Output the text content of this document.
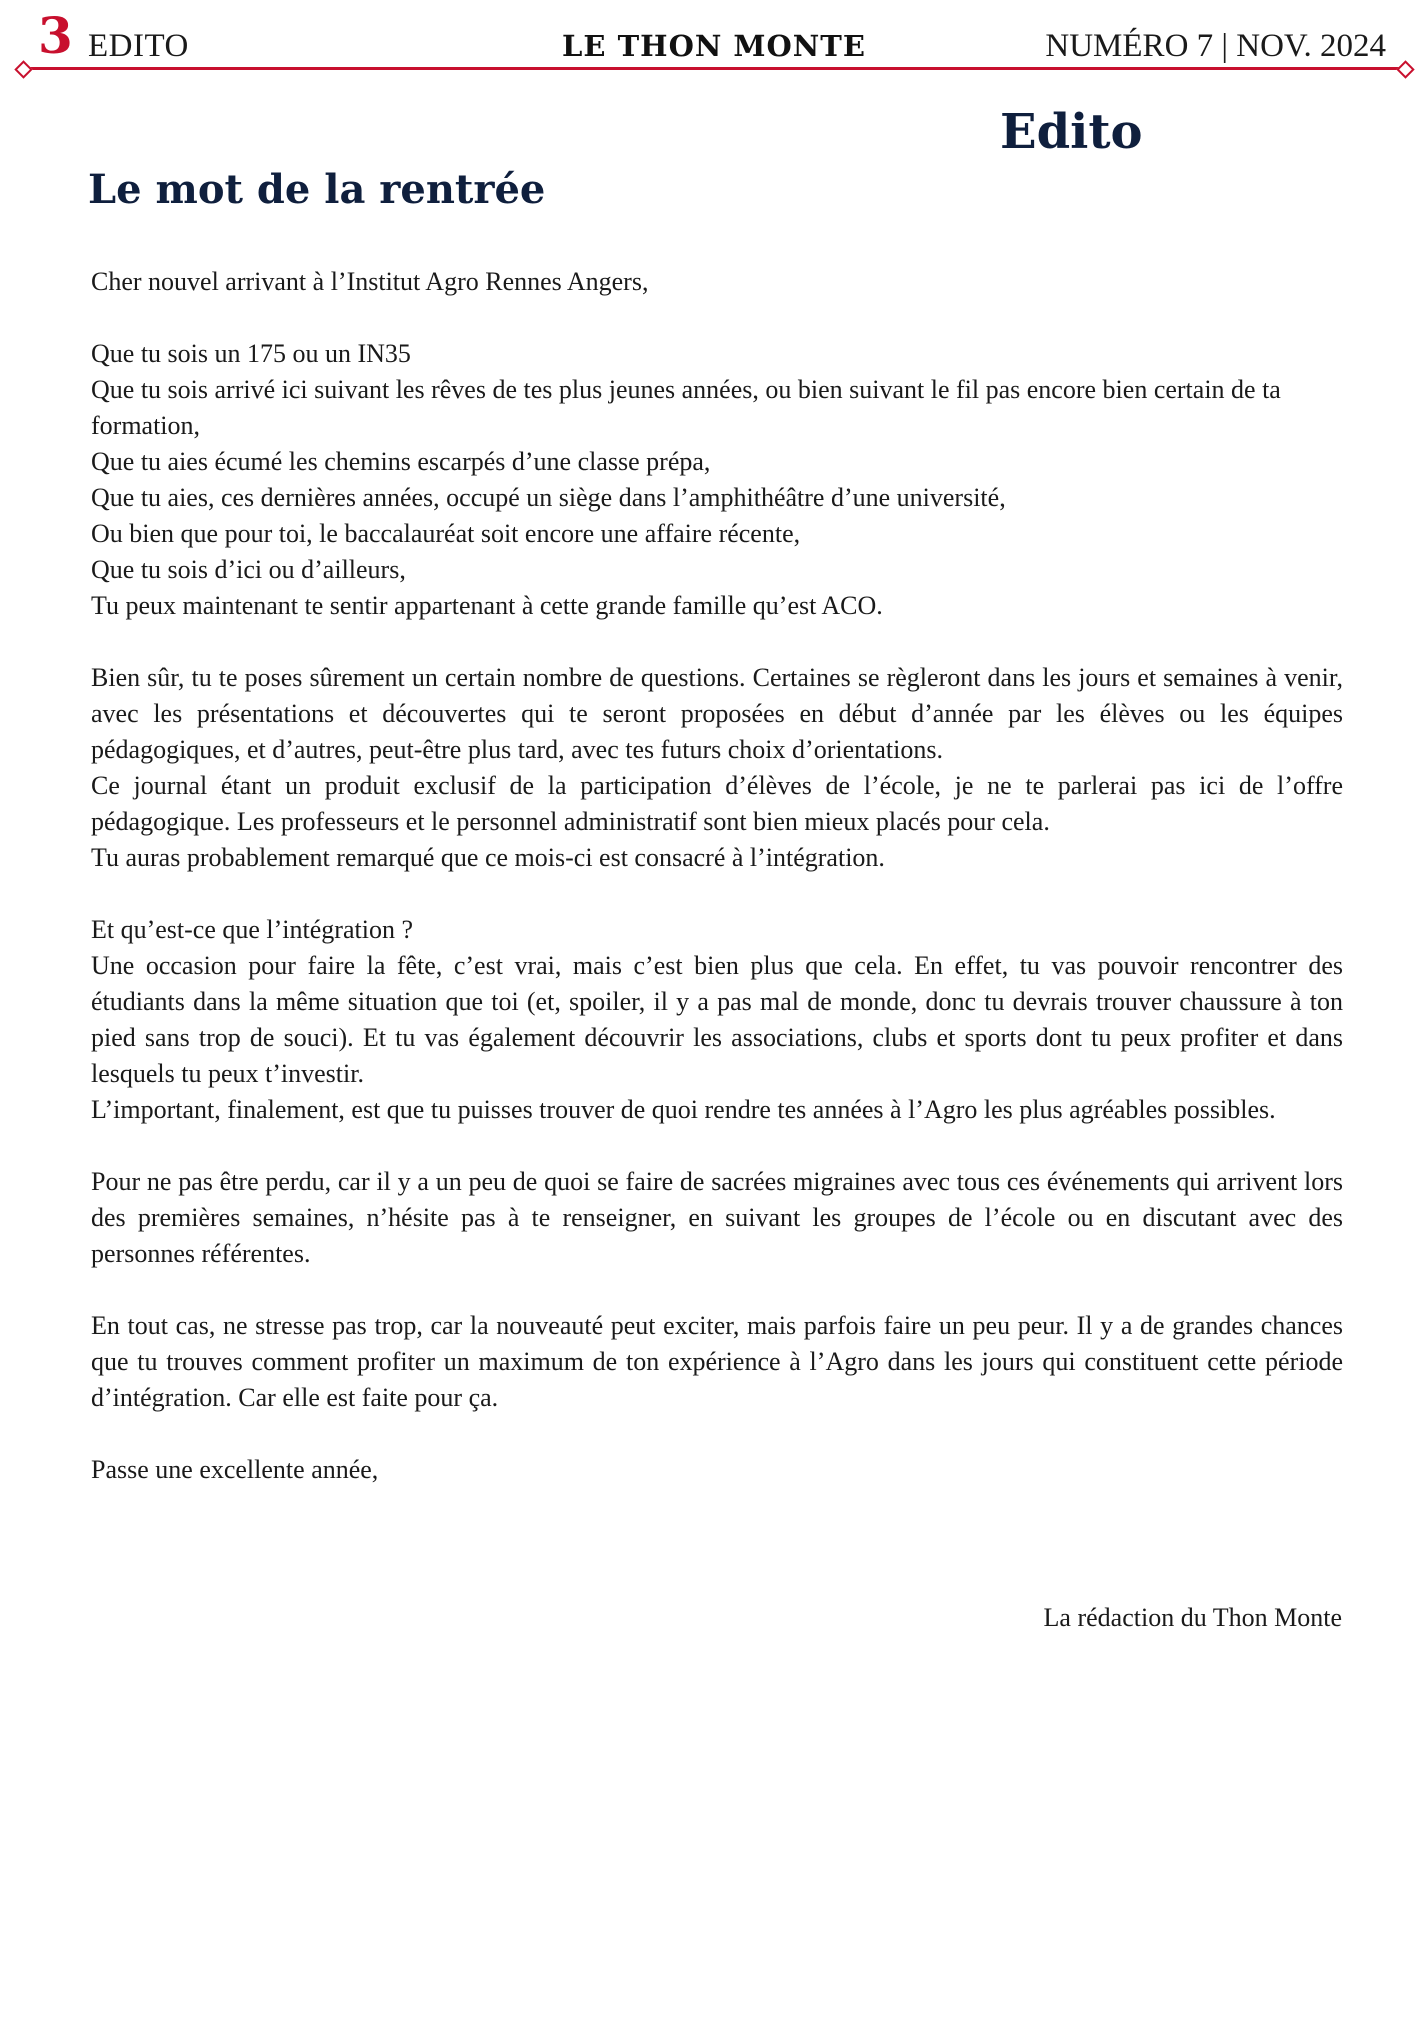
3 EDITO	LE THON MONTE	NUMÉRO 7 | NOV. 2024
Edito
Le mot de la rentrée

Cher nouvel arrivant à l’Institut Agro Rennes Angers,

Que tu sois un 175 ou un IN35
Que tu sois arrivé ici suivant les rêves de tes plus jeunes années, ou bien suivant le fil pas encore bien certain de ta formation,
Que tu aies écumé les chemins escarpés d’une classe prépa,
Que tu aies, ces dernières années, occupé un siège dans l’amphithéâtre d’une université,
Ou bien que pour toi, le baccalauréat soit encore une affaire récente,
Que tu sois d’ici ou d’ailleurs,
Tu peux maintenant te sentir appartenant à cette grande famille qu’est ACO.

Bien sûr, tu te poses sûrement un certain nombre de questions. Certaines se règleront dans les jours et semaines à venir, avec les présentations et découvertes qui te seront proposées en début d’année par les élèves ou les équipes pédagogiques, et d’autres, peut-être plus tard, avec tes futurs choix d’orientations.
Ce journal étant un produit exclusif de la participation d’élèves de l’école, je ne te parlerai pas ici de l’offre pédagogique. Les professeurs et le personnel administratif sont bien mieux placés pour cela.
Tu auras probablement remarqué que ce mois-ci est consacré à l’intégration.

Et qu’est-ce que l’intégration ?
Une occasion pour faire la fête, c’est vrai, mais c’est bien plus que cela. En effet, tu vas pouvoir rencontrer des étudiants dans la même situation que toi (et, spoiler, il y a pas mal de monde, donc tu devrais trouver chaussure à ton pied sans trop de souci). Et tu vas également découvrir les associations, clubs et sports dont tu peux profiter et dans lesquels tu peux t’investir.
L’important, finalement, est que tu puisses trouver de quoi rendre tes années à l’Agro les plus agréables possibles.

Pour ne pas être perdu, car il y a un peu de quoi se faire de sacrées migraines avec tous ces événements qui arrivent lors des premières semaines, n’hésite pas à te renseigner, en suivant les groupes de l’école ou en discutant avec des personnes référentes.

En tout cas, ne stresse pas trop, car la nouveauté peut exciter, mais parfois faire un peu peur. Il y a de grandes chances que tu trouves comment profiter un maximum de ton expérience à l’Agro dans les jours qui constituent cette période d’intégration. Car elle est faite pour ça.

Passe une excellente année,

La rédaction du Thon Monte
